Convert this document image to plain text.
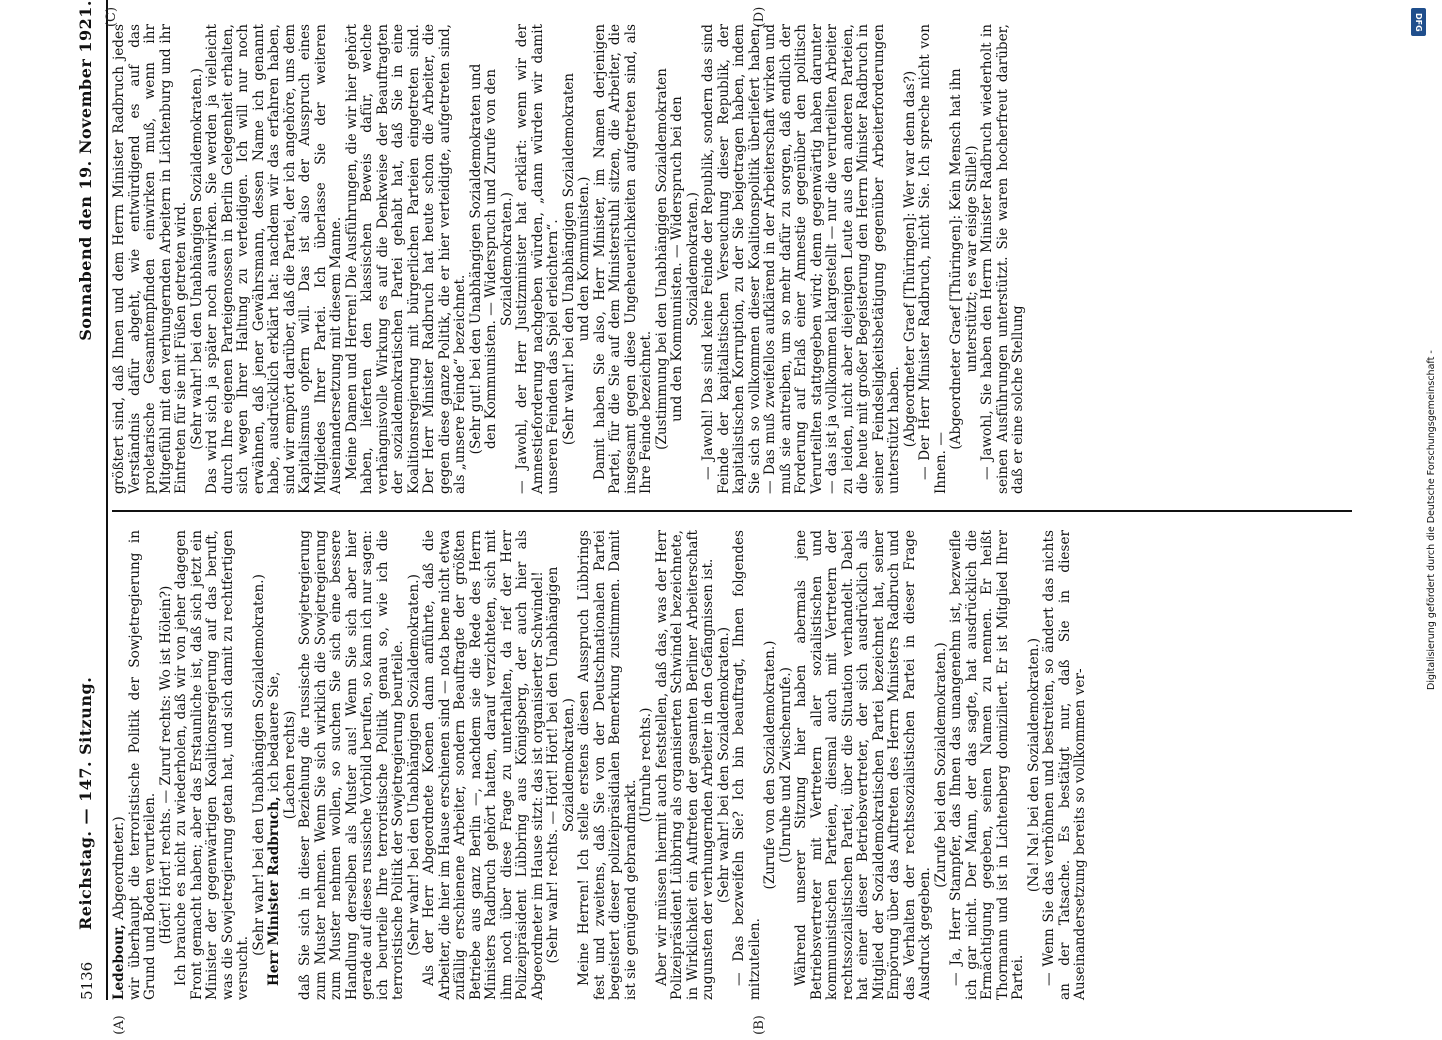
5136
Reichstag. — 147. Sitzung.
Sonnabend den 19. November 1921.
(A)	(B)
(C)	(D)

Ledebour, Abgeordneter.) wir überhaupt die terroristische Politik der Sowjetregierung in Grund und Boden verurteilen. (Hört! Hört! rechts. — Zuruf rechts: Wo ist Hölein?) Ich brauche es nicht zu wiederholen, daß wir von jeher dagegen Front gemacht haben; aber das Erstaunliche ist, daß sich jetzt ein Minister der gegenwärtigen Koalitionsregierung auf das beruft, was die Sowjetregierung getan hat, und sich damit zu rechtfertigen versucht.

(Sehr wahr! bei den Unabhängigen Sozialdemokraten.) Herr Minister Radbruch, ich bedauere Sie, (Lachen rechts) daß Sie sich in dieser Beziehung die russische Sowjetregierung zum Muster nehmen. Wenn Sie sich wirklich die Sowjetregierung zum Muster nehmen wollen, so suchen Sie sich eine bessere Handlung derselben als Muster aus! Wenn Sie sich aber hier gerade auf dieses russische Vorbild berufen, so kann ich nur sagen: ich beurteile Ihre terroristische Politik genau so, wie ich die terroristische Politik der Sowjetregierung beurteile. (Sehr wahr! bei den Unabhängigen Sozialdemokraten.) Als der Herr Abgeordnete Koenen dann anführte, daß die Arbeiter, die hier im Hause erschienen sind — nota bene nicht etwa zufällig erschienene Arbeiter, sondern Beauftragte der größten Betriebe aus ganz Berlin —, nachdem sie die Rede des Herrn Ministers Radbruch gehört hatten, darauf verzichteten, sich mit ihm noch über diese Frage zu unterhalten, da rief der Herr Polizeipräsident Lübbring aus Königsberg, der auch hier als Abgeordneter im Hause sitzt: das ist organisierter Schwindel! (Sehr wahr! rechts. — Hört! Hört! bei den Unabhängigen Sozialdemokraten.) Meine Herren! Ich stelle erstens diesen Ausspruch Lübbrings fest und zweitens, daß Sie von der Deutschnationalen Partei begeistert dieser polizeipräsidialen Bemerkung zustimmen. Damit ist sie genügend gebrandmarkt.

(Unruhe rechts.) Aber wir müssen hiermit auch feststellen, daß das, was der Herr Polizeipräsident Lübbring als organisierten Schwindel bezeichnete, in Wirklichkeit ein Auftreten der gesamten Berliner Arbeiterschaft zugunsten der verhungernden Arbeiter in den Gefängnissen ist. (Sehr wahr! bei den Sozialdemokraten.) — Das bezweifeln Sie? Ich bin beauftragt, Ihnen folgendes mitzuteilen.

(Zurufe von den Sozialdemokraten.) (Unruhe und Zwischenrufe.) Während unserer Sitzung hier haben abermals jene Betriebsvertreter mit Vertretern aller sozialistischen und kommunistischen Parteien, diesmal auch mit Vertretern der rechtssozialistischen Partei, über die Situation verhandelt. Dabei hat einer dieser Betriebsvertreter, der sich ausdrücklich als Mitglied der Sozialdemokratischen Partei bezeichnet hat, seiner Empörung über das Auftreten des Herrn Ministers Radbruch und das Verhalten der rechtssozialistischen Partei in dieser Frage Ausdruck gegeben.

(Zurufe bei den Sozialdemokraten.) — Ja, Herr Stampfer, das Ihnen das unangenehm ist, bezweifle ich gar nicht. Der Mann, der das sagte, hat ausdrücklich die Ermächtigung gegeben, seinen Namen zu nennen. Er heißt Thormann und ist in Lichtenberg domiziliert. Er ist Mitglied Ihrer Partei.

(Na! Na! bei den Sozialdemokraten.) — Wenn Sie das verhöhnen und bestreiten, so ändert das nichts an der Tatsache. Es bestätigt nur, daß Sie in dieser Auseinandersetzung bereits so vollkommen ver-

größtert sind, daß Ihnen und dem Herrn Minister Radbruch jedes Verständnis dafür abgeht, wie entwürdigend es auf das proletarische Gesamtempfinden einwirken muß, wenn ihr Mitgefühl mit den verhungernden Arbeitern in Lichtenburg und ihr Eintreten für sie mit Füßen getreten wird. (Sehr wahr! bei den Unabhängigen Sozialdemokraten.) Das wird sich ja später noch auswirken. Sie werden ja vielleicht durch Ihre eigenen Parteigenossen in Berlin Gelegenheit erhalten, sich wegen Ihrer Haltung zu verteidigen. Ich will nur noch erwähnen, daß jener Gewährsmann, dessen Name ich genannt habe, ausdrücklich erklärt hat: nachdem wir das erfahren haben, sind wir empört darüber, daß die Partei, der ich angehöre, uns dem Kapitalismus opfern will. Das ist also der Ausspruch eines Mitgliedes Ihrer Partei. Ich überlasse Sie der weiteren Auseinandersetzung mit diesem Manne. Meine Damen und Herren! Die Ausführungen, die wir hier gehört haben, lieferten den klassischen Beweis dafür, welche verhängnisvolle Wirkung es auf die Denkweise der Beauftragten der sozialdemokratischen Partei gehabt hat, daß Sie in eine Koalitionsregierung mit bürgerlichen Parteien eingetreten sind. Der Herr Minister Radbruch hat heute schon die Arbeiter, die gegen diese ganze Politik, die er hier verteidigte, aufgetreten sind, als „unsere Feinde“ bezeichnet. (Sehr gut! bei den Unabhängigen Sozialdemokraten und den Kommunisten. — Widerspruch und Zurufe von den Sozialdemokraten.) — Jawohl, der Herr Justizminister hat erklärt: wenn wir der Amnestieforderung nachgeben würden, „dann würden wir damit unseren Feinden das Spiel erleichtern“. (Sehr wahr! bei den Unabhängigen Sozialdemokraten und den Kommunisten.) Damit haben Sie also, Herr Minister, im Namen derjenigen Partei, für die Sie auf dem Ministerstuhl sitzen, die Arbeiter, die insgesamt gegen diese Ungeheuerlichkeiten aufgetreten sind, als Ihre Feinde bezeichnet. (Zustimmung bei den Unabhängigen Sozialdemokraten und den Kommunisten. — Widerspruch bei den Sozialdemokraten.) — Jawohl! Das sind keine Feinde der Republik, sondern das sind Feinde der kapitalistischen Verseuchung dieser Republik, der kapitalistischen Korruption, zu der Sie beigetragen haben, indem Sie sich so vollkommen dieser Koalitionspolitik überliefert haben. — Das muß zweifellos aufklärend in der Arbeiterschaft wirken und muß sie antreiben, um so mehr dafür zu sorgen, daß endlich der Forderung auf Erlaß einer Amnestie gegenüber den politisch Verurteilten stattgegeben wird; denn gegenwärtig haben darunter — das ist ja vollkommen klargestellt — nur die verurteilten Arbeiter zu leiden, nicht aber diejenigen Leute aus den anderen Parteien, die heute mit großer Begeisterung den Herrn Minister Radbruch in seiner Feindseligkeitsbetätigung gegenüber Arbeiterforderungen unterstützt haben. (Abgeordneter Graef [Thüringen]: Wer war denn das?) — Der Herr Minister Radbruch, nicht Sie. Ich spreche nicht von Ihnen. —

(Abgeordneter Graef [Thüringen]: Kein Mensch hat ihn unterstützt; es war eisige Stille!) — Jawohl, Sie haben den Herrn Minister Radbruch wiederholt in seinen Ausführungen unterstützt. Sie waren hocherfreut darüber, daß er eine solche Stellung	Digitalisierung gefördert durch die Deutsche Forschungsgemeinschaft -
DFG
